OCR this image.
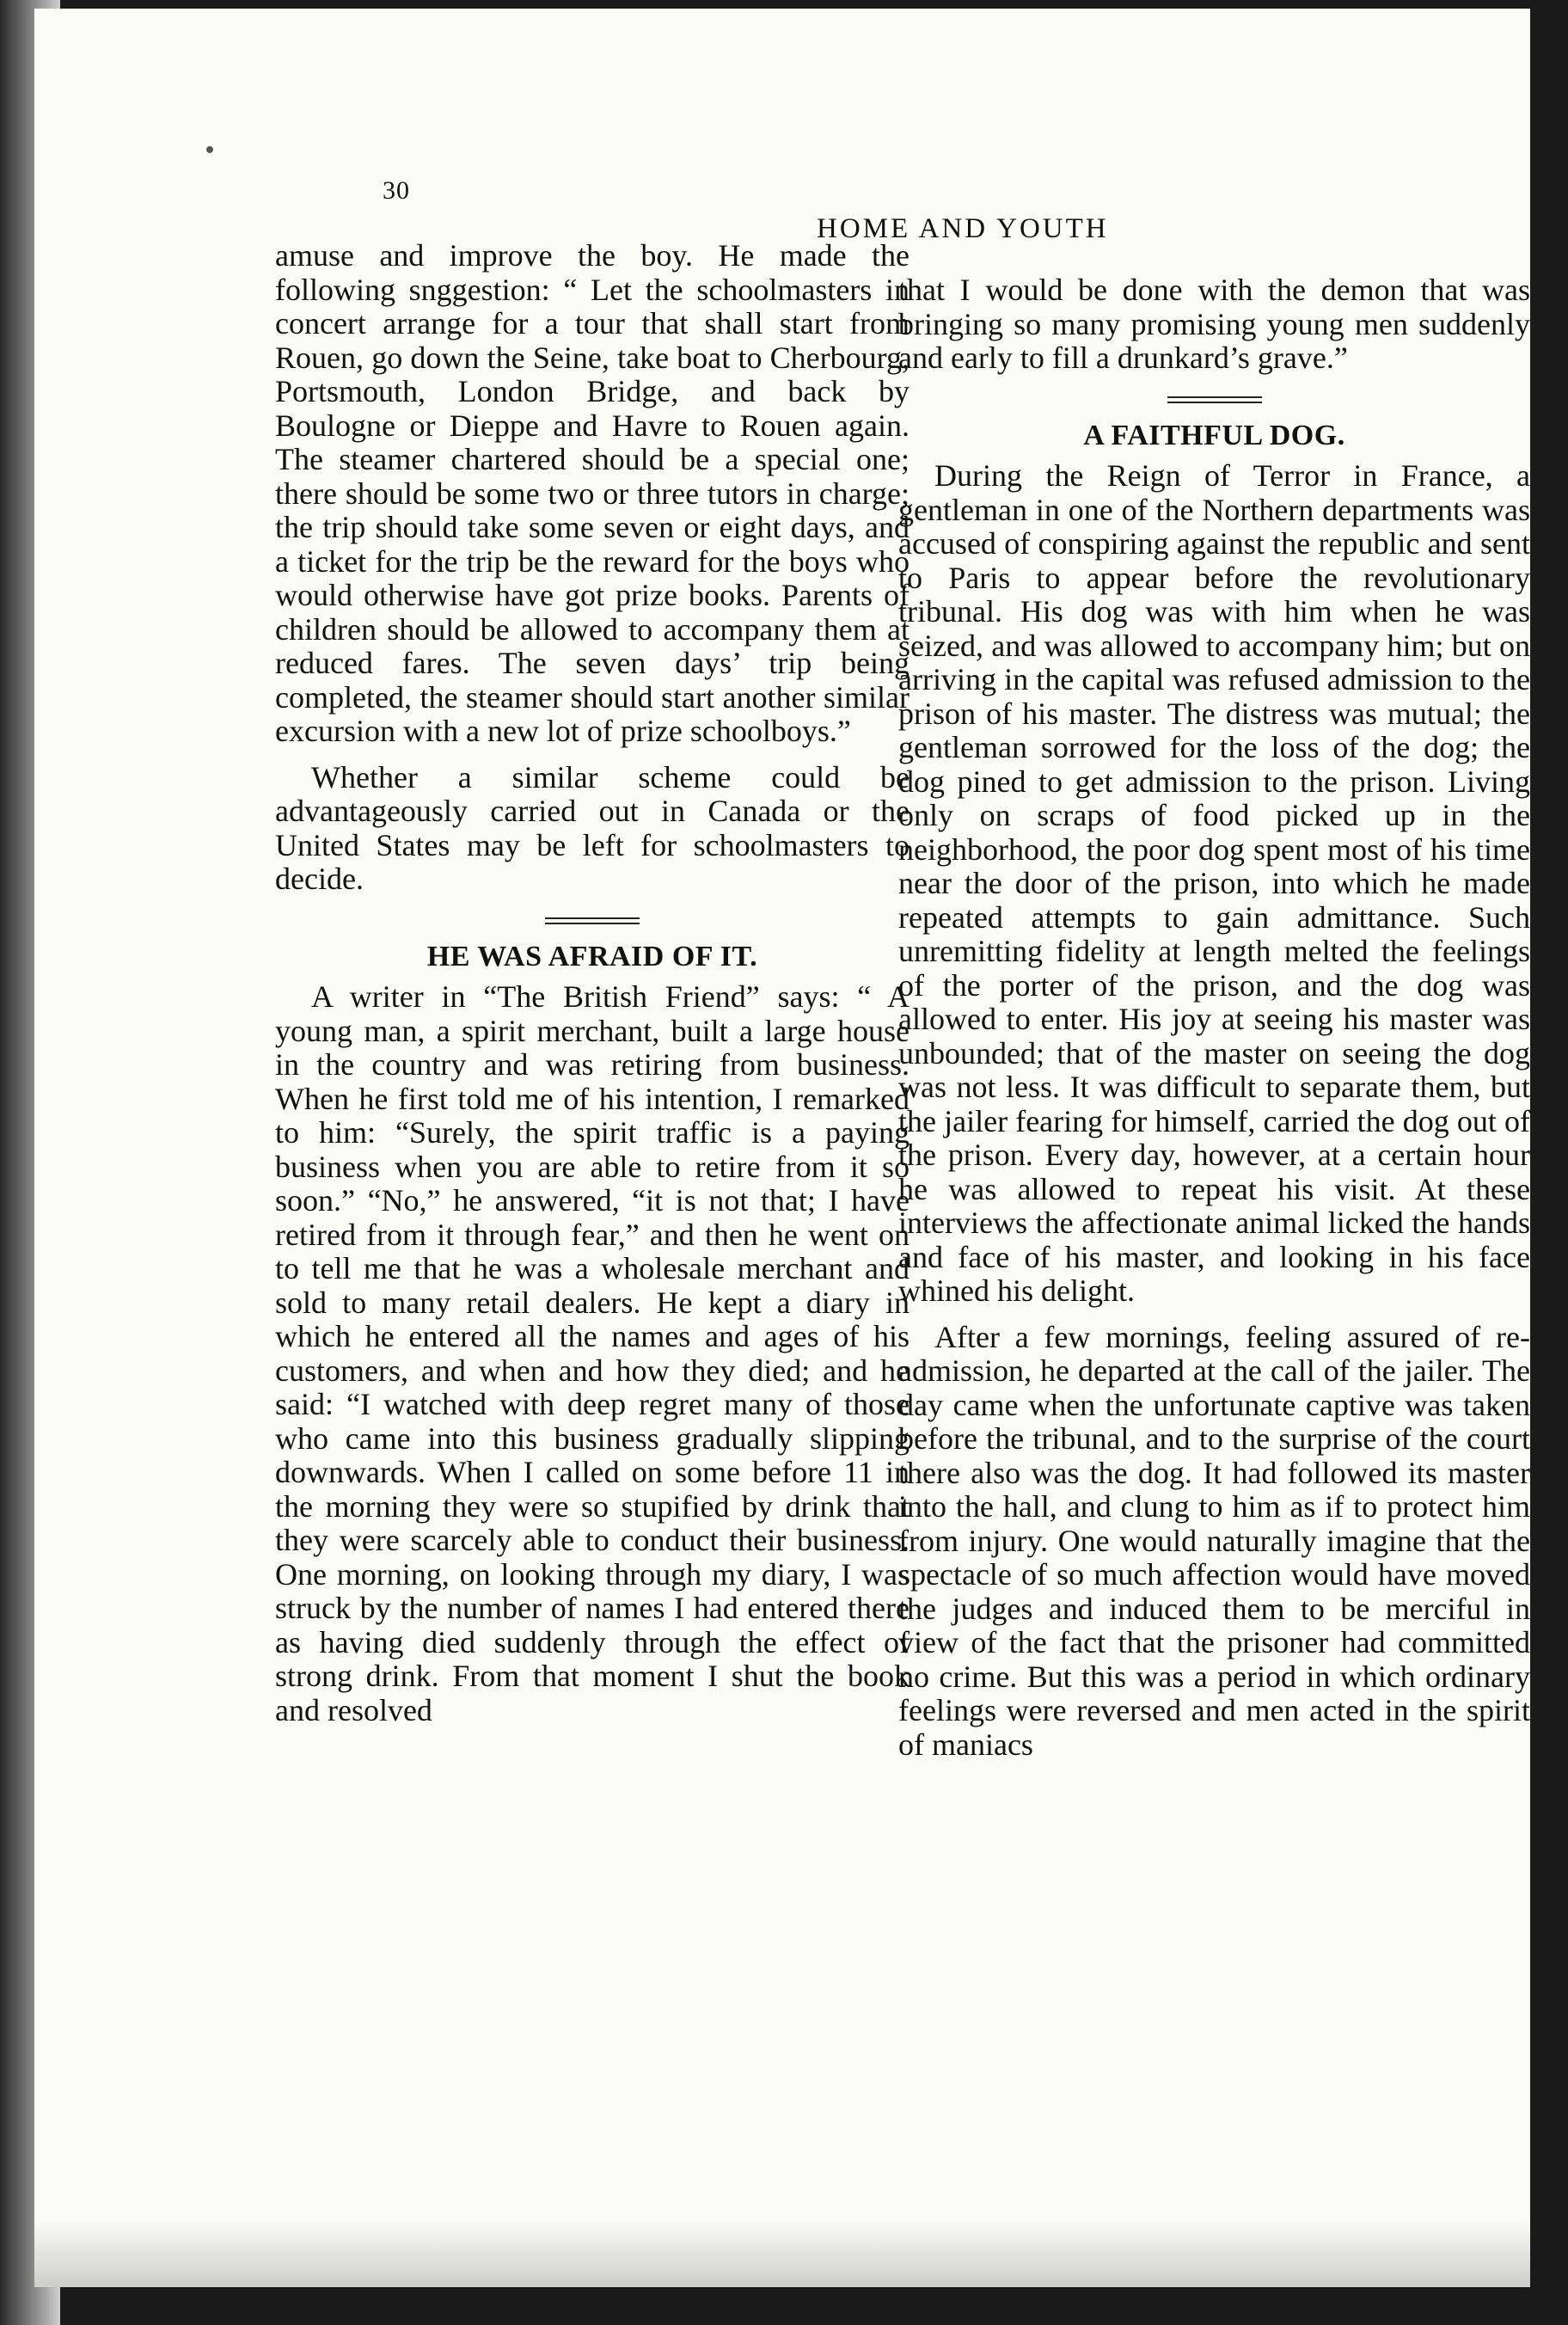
30
HOME AND YOUTH

amuse and improve the boy. He made the following snggestion: “ Let the schoolmasters in concert arrange for a tour that shall start from Rouen, go down the Seine, take boat to Cherbourg, Portsmouth, London Bridge, and back by Boulogne or Dieppe and Havre to Rouen again. The steamer chartered should be a special one; there should be some two or three tutors in charge; the trip should take some seven or eight days, and a ticket for the trip be the reward for the boys who would otherwise have got prize books. Parents of children should be allowed to accompany them at reduced fares. The seven days’ trip being completed, the steamer should start another similar excursion with a new lot of prize schoolboys.”

Whether a similar scheme could be advantageously carried out in Canada or the United States may be left for schoolmasters to decide.

HE WAS AFRAID OF IT.

A writer in “The British Friend” says: “ A young man, a spirit merchant, built a large house in the country and was retiring from business. When he first told me of his intention, I remarked to him: “Surely, the spirit traffic is a paying business when you are able to retire from it so soon.” “No,” he answered, “it is not that; I have retired from it through fear,” and then he went on to tell me that he was a wholesale merchant and sold to many retail dealers. He kept a diary in which he entered all the names and ages of his customers, and when and how they died; and he said: “I watched with deep regret many of those who came into this business gradually slipping downwards. When I called on some before 11 in the morning they were so stupified by drink that they were scarcely able to conduct their business. One morning, on looking through my diary, I was struck by the number of names I had entered there as having died suddenly through the effect of strong drink. From that moment I shut the book and resolved

that I would be done with the demon that was bringing so many promising young men suddenly and early to fill a drunkard’s grave.”

A FAITHFUL DOG.

During the Reign of Terror in France, a gentleman in one of the Northern departments was accused of conspiring against the republic and sent to Paris to appear before the revolutionary tribunal. His dog was with him when he was seized, and was allowed to accompany him; but on arriving in the capital was refused admission to the prison of his master. The distress was mutual; the gentleman sorrowed for the loss of the dog; the dog pined to get admission to the prison. Living only on scraps of food picked up in the neighborhood, the poor dog spent most of his time near the door of the prison, into which he made repeated attempts to gain admittance. Such unremitting fidelity at length melted the feelings of the porter of the prison, and the dog was allowed to enter. His joy at seeing his master was unbounded; that of the master on seeing the dog was not less. It was difficult to separate them, but the jailer fearing for himself, carried the dog out of the prison. Every day, however, at a certain hour he was allowed to repeat his visit. At these interviews the affectionate animal licked the hands and face of his master, and looking in his face whined his delight.

After a few mornings, feeling assured of re-admission, he departed at the call of the jailer. The day came when the unfortunate captive was taken before the tribunal, and to the surprise of the court there also was the dog. It had followed its master into the hall, and clung to him as if to protect him from injury. One would naturally imagine that the spectacle of so much affection would have moved the judges and induced them to be merciful in view of the fact that the prisoner had committed no crime. But this was a period in which ordinary feelings were reversed and men acted in the spirit of maniacs
